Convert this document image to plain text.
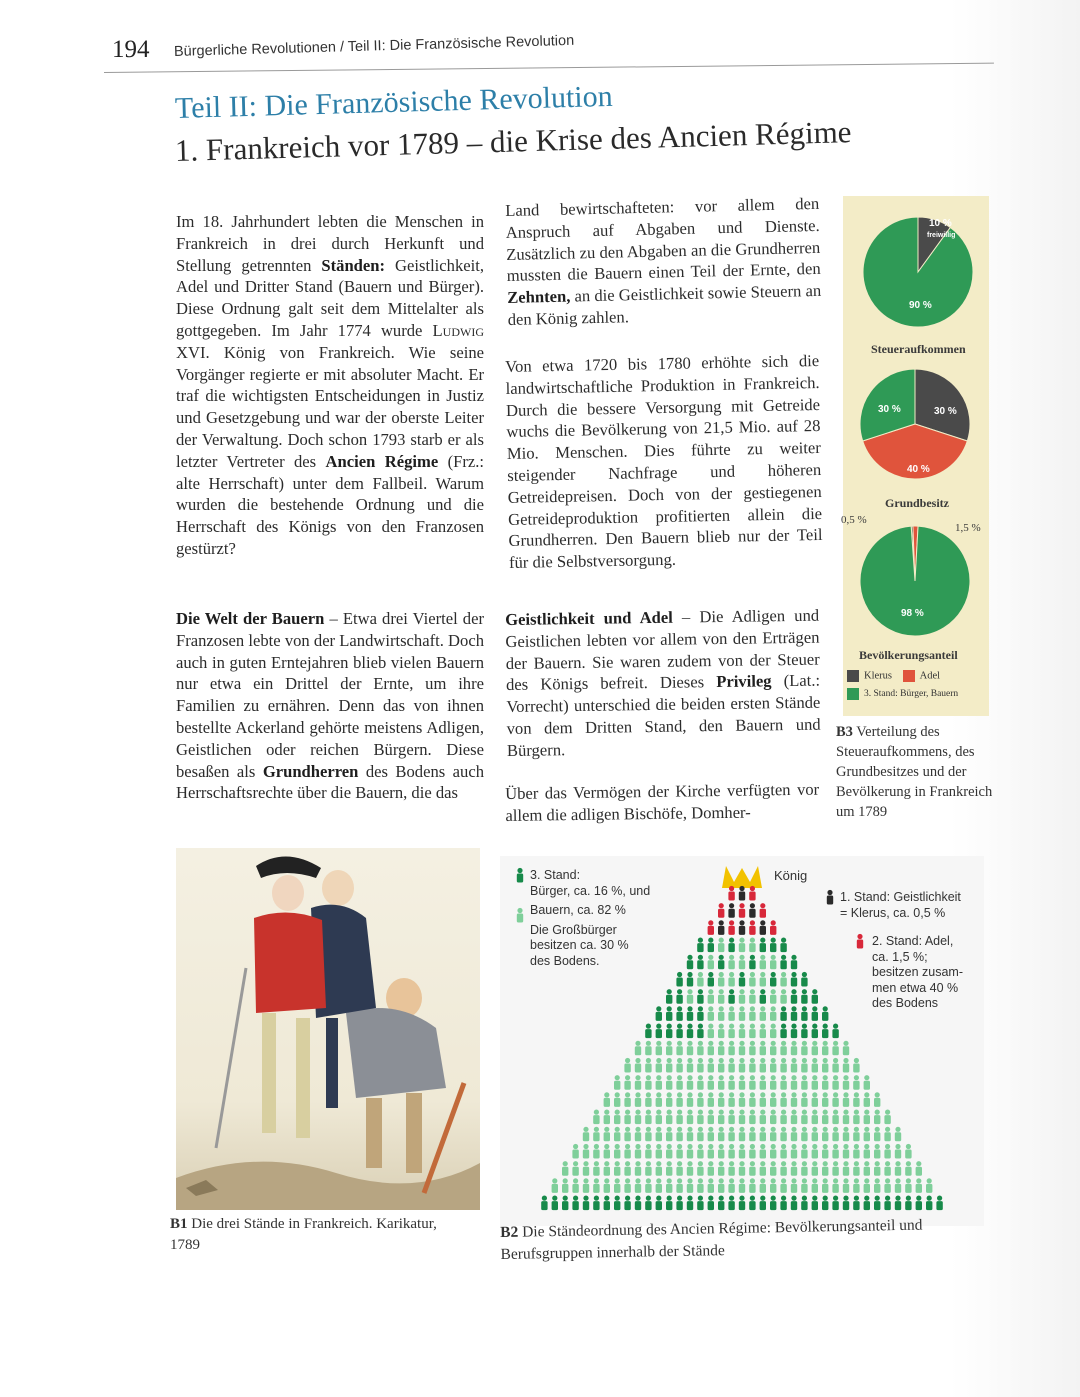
194 Bürgerliche Revolutionen / Teil II: Die Französische Revolution
Teil II: Die Französische Revolution
1. Frankreich vor 1789 – die Krise des Ancien Régime
Im 18. Jahrhundert lebten die Menschen in Frankreich in drei durch Herkunft und Stellung getrennten Ständen: Geistlichkeit, Adel und Dritter Stand (Bauern und Bürger). Diese Ordnung galt seit dem Mittelalter als gottgegeben. Im Jahr 1774 wurde Ludwig XVI. König von Frankreich. Wie seine Vorgänger regierte er mit absoluter Macht. Er traf die wichtigsten Entscheidungen in Justiz und Gesetzgebung und war der oberste Leiter der Verwaltung. Doch schon 1793 starb er als letzter Vertreter des Ancien Régime (Frz.: alte Herrschaft) unter dem Fallbeil. Warum wurden die bestehende Ordnung und die Herrschaft des Königs von den Franzosen gestürzt?
Die Welt der Bauern – Etwa drei Viertel der Franzosen lebte von der Landwirtschaft. Doch auch in guten Erntejahren blieb vielen Bauern nur etwa ein Drittel der Ernte, um ihre Familien zu ernähren. Denn das von ihnen bestellte Ackerland gehörte meistens Adligen, Geistlichen oder reichen Bürgern. Diese besaßen als Grundherren des Bodens auch Herrschaftsrechte über die Bauern, die das
Land bewirtschafteten: vor allem den Anspruch auf Abgaben und Dienste. Zusätzlich zu den Abgaben an die Grundherren mussten die Bauern einen Teil der Ernte, den Zehnten, an die Geistlichkeit sowie Steuern an den König zahlen.
Von etwa 1720 bis 1780 erhöhte sich die landwirtschaftliche Produktion in Frankreich. Durch die bessere Versorgung mit Getreide wuchs die Bevölkerung von 21,5 Mio. auf 28 Mio. Menschen. Dies führte zu weiter steigender Nachfrage und höheren Getreidepreisen. Doch von der gestiegenen Getreideproduktion profitierten allein die Grundherren. Den Bauern blieb nur der Teil für die Selbstversorgung.
Geistlichkeit und Adel – Die Adligen und Geistlichen lebten vor allem von den Erträgen der Bauern. Sie waren zudem von der Steuer des Königs befreit. Dieses Privileg (Lat.: Vorrecht) unterschied die beiden ersten Stände von dem Dritten Stand, den Bauern und Bürgern.
Über das Vermögen der Kirche verfügten vor allem die adligen Bischöfe, Domher-
10 %
freiwillig
90 %
30 %	30 %
40 %
98 %
Steueraufkommen
Grundbesitz
0,5 %
1,5 %
Bevölkerungsanteil
Klerus	Adel
3. Stand: Bürger, Bauern
B3 Verteilung des Steueraufkommens, des Grundbesitzes und der Bevölkerung in Frankreich um 1789
B1 Die drei Stände in Frankreich. Karikatur, 1789
3. Stand:
Bürger, ca. 16 %, und
Bauern, ca. 82 %
Die Großbürger
besitzen ca. 30 %
des Bodens.
König
1. Stand: Geistlichkeit
= Klerus, ca. 0,5 %
2. Stand: Adel,
ca. 1,5 %;
besitzen zusam-
men etwa 40 %
des Bodens
B2 Die Ständeordnung des Ancien Régime: Bevölkerungsanteil und Berufsgruppen innerhalb der Stände
